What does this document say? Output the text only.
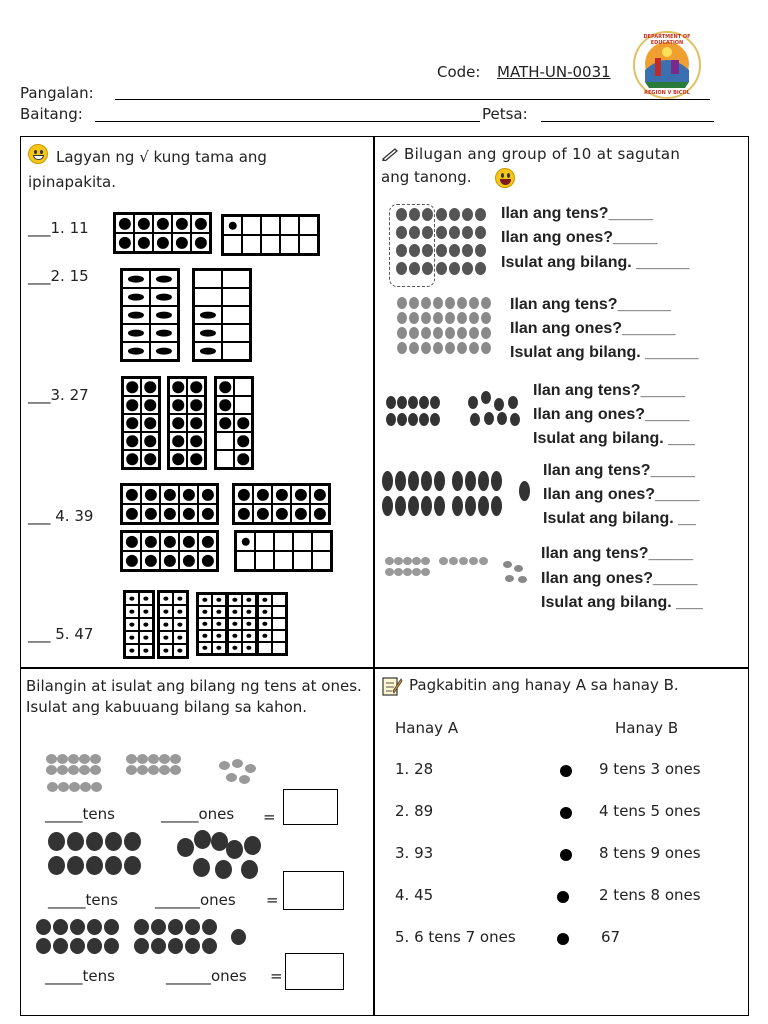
Code: MATH-UN-0031
DEPARTMENT OF EDUCATION
REGION V BICOL
Pangalan:
Baitang:	Petsa:
Lagyan ng √ kung tama ang ipinapakita.
___1. 11
___2. 15
___3. 27
___ 4. 39
___ 5. 47
Bilugan ang group of 10 at sagutan
ang tanong.
Ilan ang tens?_____
Ilan ang ones?_____
Isulat ang bilang. ______
Ilan ang tens?______
Ilan ang ones?______
Isulat ang bilang. ______
Ilan ang tens?_____
Ilan ang ones?_____
Isulat ang bilang. ___
Ilan ang tens?_____
Ilan ang ones?_____
Isulat ang bilang. __
Ilan ang tens?_____
Ilan ang ones?_____
Isulat ang bilang. ___
Bilangin at isulat ang bilang ng tens at ones. Isulat ang kabuuang bilang sa kahon.
_____tens	_____ones =
_____tens ______ones =
_____tens	______ones =
Pagkabitin ang hanay A sa hanay B.
Hanay A	Hanay B
1. 28	9 tens 3 ones
2. 89	4 tens 5 ones
3. 93	8 tens 9 ones
4. 45	2 tens 8 ones
5. 6 tens 7 ones	67
